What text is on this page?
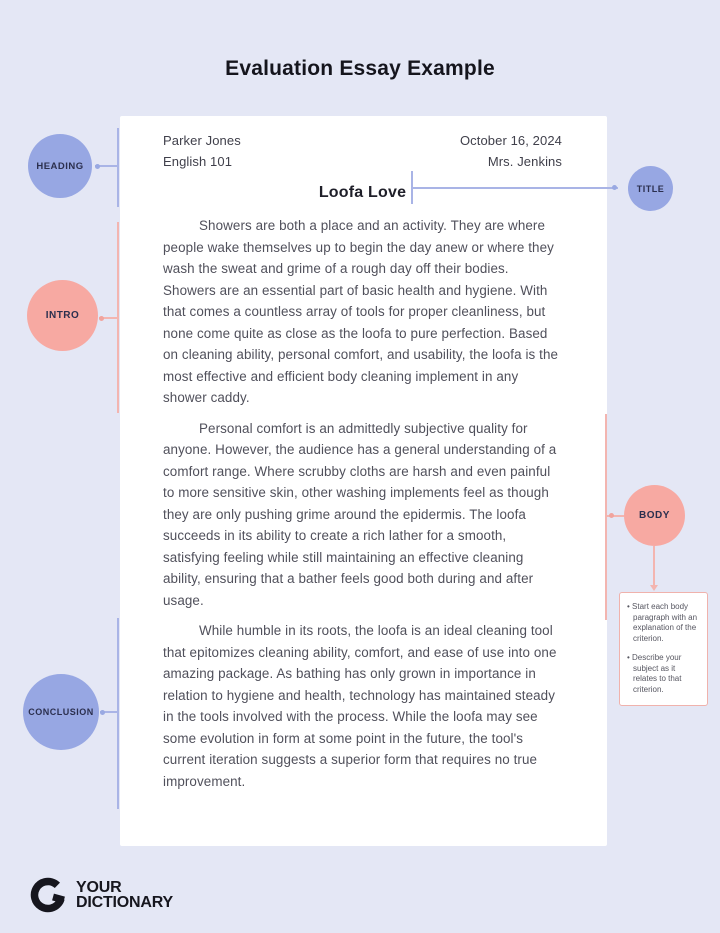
Evaluation Essay Example
Parker Jones
English 101
October 16, 2024
Mrs. Jenkins
Loofa Love

Showers are both a place and an activity. They are where people wake themselves up to begin the day anew or where they wash the sweat and grime of a rough day off their bodies. Showers are an essential part of basic health and hygiene. With that comes a countless array of tools for proper cleanliness, but none come quite as close as the loofa to pure perfection. Based on cleaning ability, personal comfort, and usability, the loofa is the most effective and efficient body cleaning implement in any shower caddy.

Personal comfort is an admittedly subjective quality for anyone. However, the audience has a general understanding of a comfort range. Where scrubby cloths are harsh and even painful to more sensitive skin, other washing implements feel as though they are only pushing grime around the epidermis. The loofa succeeds in its ability to create a rich lather for a smooth, satisfying feeling while still maintaining an effective cleaning ability, ensuring that a bather feels good both during and after usage.

While humble in its roots, the loofa is an ideal cleaning tool that epitomizes cleaning ability, comfort, and ease of use into one amazing package. As bathing has only grown in importance in relation to hygiene and health, technology has maintained steady in the tools involved with the process. While the loofa may see some evolution in form at some point in the future, the tool's current iteration suggests a superior form that requires no true improvement.

HEADING
INTRO
CONCLUSION
TITLE
BODY

• Start each body paragraph with an explanation of the criterion.

• Describe your subject as it relates to that criterion.

YOUR
DICTIONARY
